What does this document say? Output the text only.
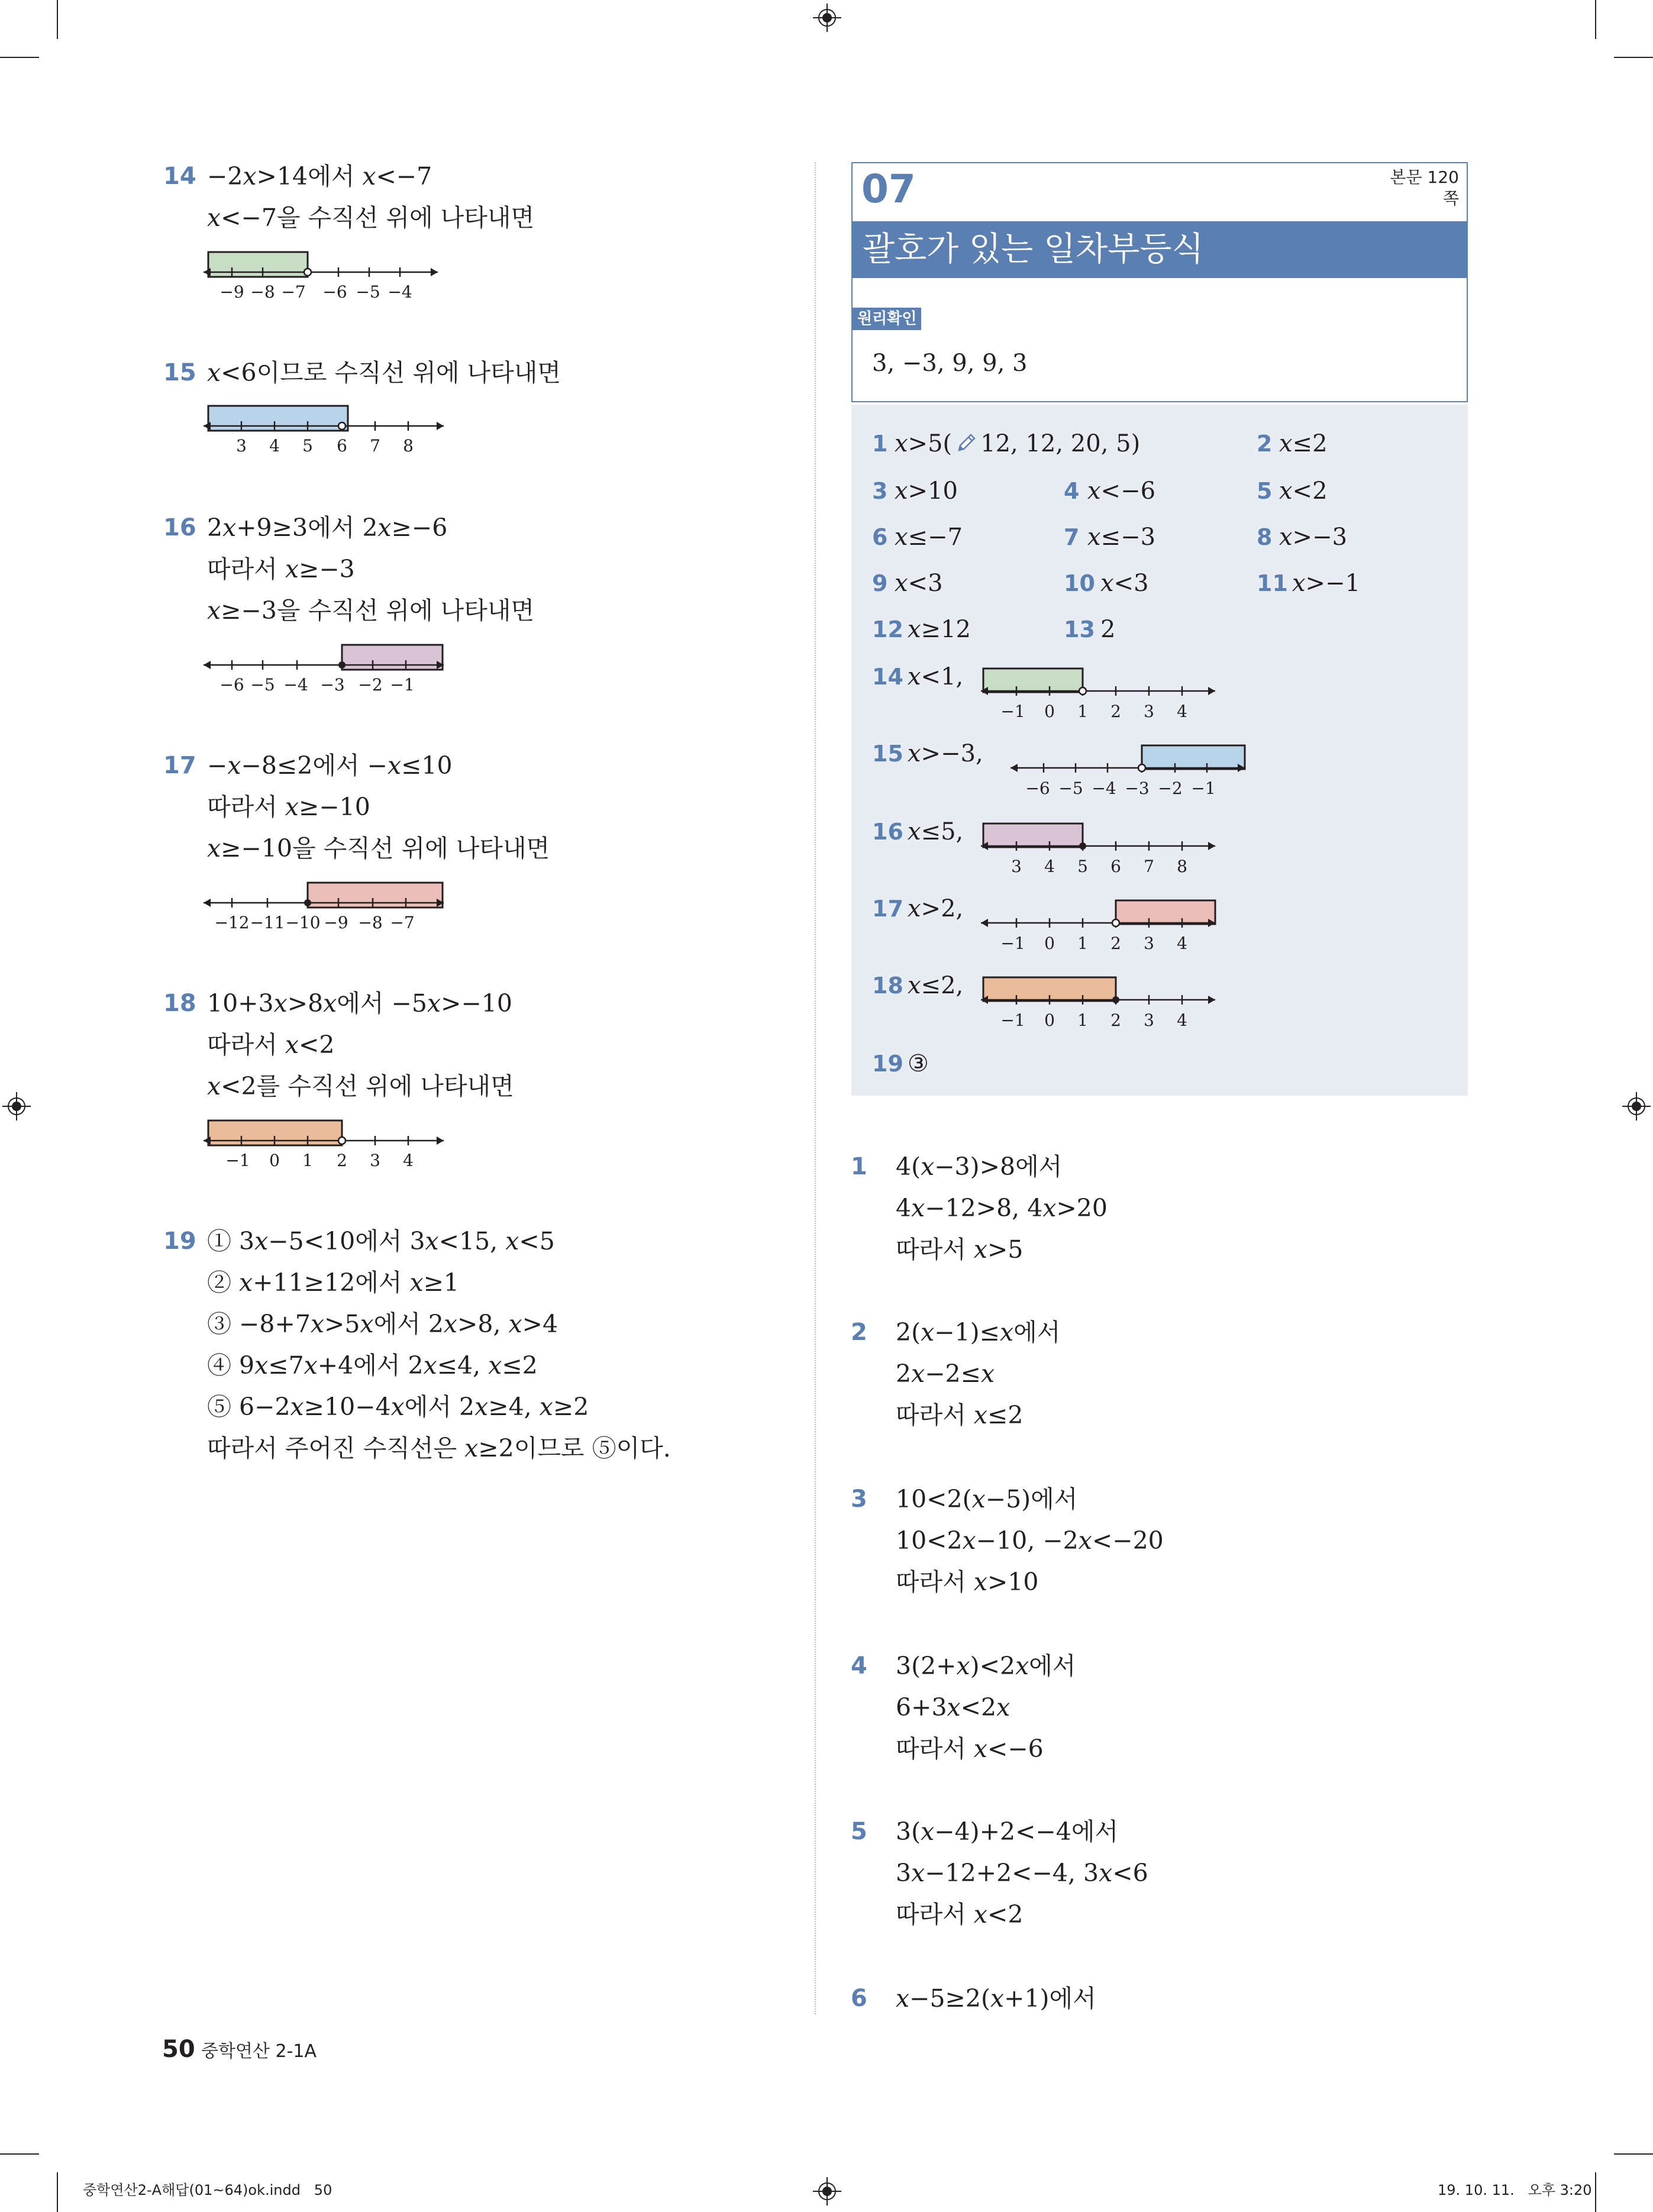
14 −2𝑥>14에서 𝑥<−7
𝑥<−7을 수직선 위에 나타내면
−9 −8 −7 −6 −5 −4
15 𝑥<6이므로 수직선 위에 나타내면
3 4 5 6 7 8
16 2𝑥+9≥3에서 2𝑥≥−6
따라서 𝑥≥−3
𝑥≥−3을 수직선 위에 나타내면
−6 −5 −4 −3 −2 −1
17 −𝑥−8≤2에서 −𝑥≤10
따라서 𝑥≥−10
𝑥≥−10을 수직선 위에 나타내면
−12 −11 −10 −9 −8 −7
18 10+3𝑥>8𝑥에서 −5𝑥>−10
따라서 𝑥<2
𝑥<2를 수직선 위에 나타내면
−1 0 1 2 3 4
19 ① 3𝑥−5<10에서 3𝑥<15, 𝑥<5
② 𝑥+11≥12에서 𝑥≥1
③ −8+7𝑥>5𝑥에서 2𝑥>8, 𝑥>4
④ 9𝑥≤7𝑥+4에서 2𝑥≤4, 𝑥≤2
⑤ 6−2𝑥≥10−4𝑥에서 2𝑥≥4, 𝑥≥2
따라서 주어진 수직선은 𝑥≥2이므로 ⑤이다.
07	본문 120쪽
괄호가 있는 일차부등식
원리확인
3, −3, 9, 9, 3
1 𝑥>5( 12, 12, 20, 5)	2 𝑥≤2
3 𝑥>10	4 𝑥<−6	5 𝑥<2
6 𝑥≤−7	7 𝑥≤−3	8 𝑥>−3
9 𝑥<3	10 𝑥<3	11 𝑥>−1
12 𝑥≥12	13 2
14 𝑥<1,
−1 0 1 2 3 4
15 𝑥>−3,
−6 −5 −4 −3 −2 −1
16 𝑥≤5,
3 4 5 6 7 8
17 𝑥>2,
−1 0 1 2 3 4
18 𝑥≤2,
−1 0 1 2 3 4
19 ③
1 4(𝑥−3)>8에서
4𝑥−12>8, 4𝑥>20
따라서 𝑥>5
2 2(𝑥−1)≤𝑥에서
2𝑥−2≤𝑥
따라서 𝑥≤2
3 10<2(𝑥−5)에서
10<2𝑥−10, −2𝑥<−20
따라서 𝑥>10
4 3(2+𝑥)<2𝑥에서
6+3𝑥<2𝑥
따라서 𝑥<−6
5 3(𝑥−4)+2<−4에서
3𝑥−12+2<−4, 3𝑥<6
따라서 𝑥<2
6 𝑥−5≥2(𝑥+1)에서
50 중학연산 2-1A
중학연산2-A해답(01~64)ok.indd   50	19. 10. 11.   오후 3:20
